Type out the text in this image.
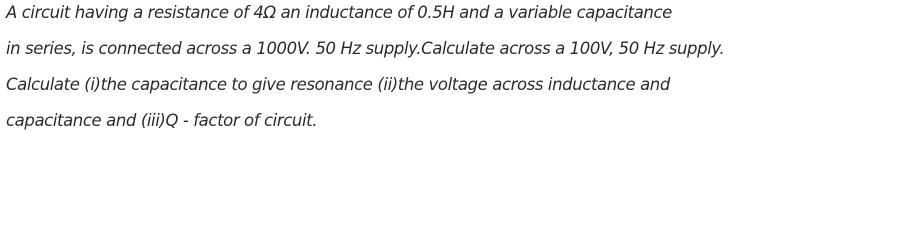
A circuit having a resistance of 4Ω an inductance of 0.5H and a variable capacitance
in series, is connected across a 1000V. 50 Hz supply.Calculate across a 100V, 50 Hz supply.
Calculate (i)the capacitance to give resonance (ii)the voltage across inductance and
capacitance and (iii)Q - factor of circuit.
